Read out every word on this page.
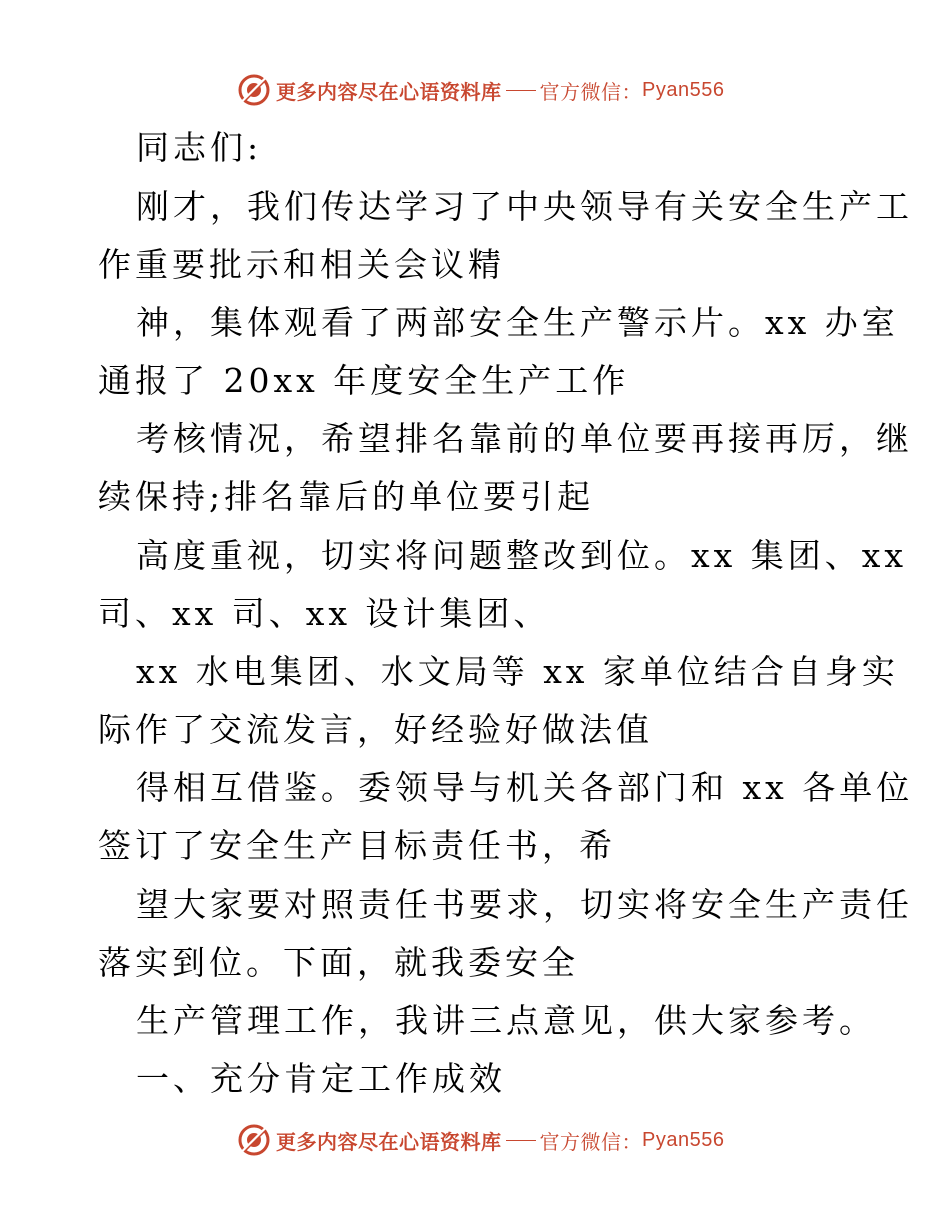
更多内容尽在心语资料库 官方微信： Pyan556
同志们:
刚才，我们传达学习了中央领导有关安全生产工
作重要批示和相关会议精
神，集体观看了两部安全生产警示片。xx 办室
通报了 20xx 年度安全生产工作
考核情况，希望排名靠前的单位要再接再厉，继
续保持;排名靠后的单位要引起
高度重视，切实将问题整改到位。xx 集团、xx
司、xx 司、xx 设计集团、
xx 水电集团、水文局等 xx 家单位结合自身实
际作了交流发言，好经验好做法值
得相互借鉴。委领导与机关各部门和 xx 各单位
签订了安全生产目标责任书，希
望大家要对照责任书要求，切实将安全生产责任
落实到位。下面，就我委安全
生产管理工作，我讲三点意见，供大家参考。
一、充分肯定工作成效
更多内容尽在心语资料库 官方微信： Pyan556
